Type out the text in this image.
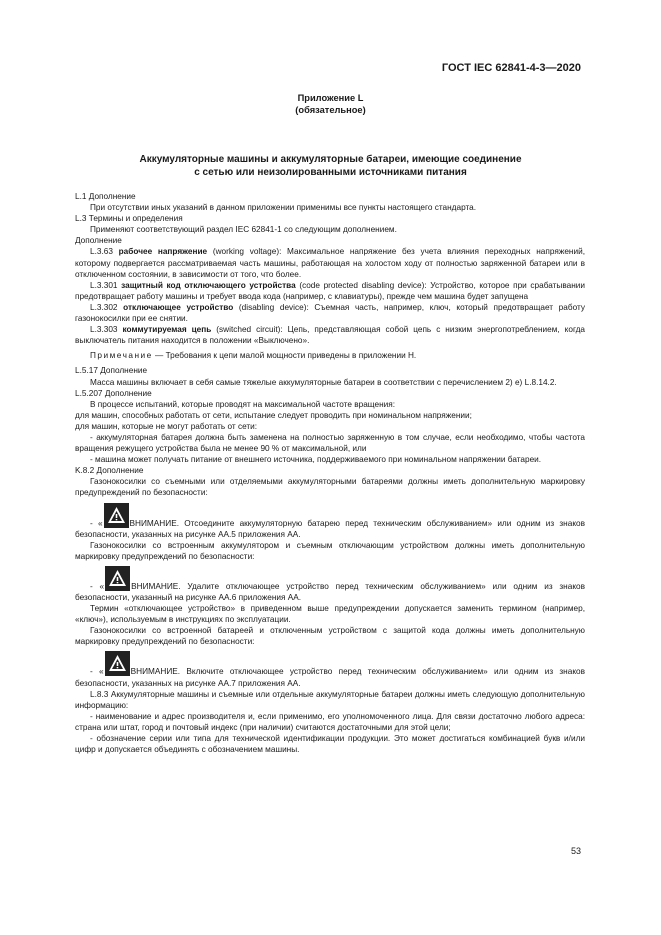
ГОСТ IEC 62841-4-3—2020
Приложение L
(обязательное)
Аккумуляторные машины и аккумуляторные батареи, имеющие соединение
с сетью или неизолированными источниками питания

L.1 Дополнение

При отсутствии иных указаний в данном приложении применимы все пункты настоящего стандарта.

L.3 Термины и определения

Применяют соответствующий раздел IEC 62841-1 со следующим дополнением.

Дополнение

L.3.63 рабочее напряжение (working voltage): Максимальное напряжение без учета влияния переходных напряжений, которому подвергается рассматриваемая часть машины, работающая на холостом ходу от полностью заряженной батареи или в отключенном состоянии, в зависимости от того, что более.

L.3.301 защитный код отключающего устройства (code protected disabling device): Устройство, которое при срабатывании предотвращает работу машины и требует ввода кода (например, с клавиатуры), прежде чем машина будет запущена

L.3.302 отключающее устройство (disabling device): Съемная часть, например, ключ, который предотвращает работу газонокосилки при ее снятии.

L.3.303 коммутируемая цепь (switched circuit): Цепь, представляющая собой цепь с низким энергопотреблением, когда выключатель питания находится в положении «Выключено».

Примечание — Требования к цепи малой мощности приведены в приложении H.

L.5.17 Дополнение

Масса машины включает в себя самые тяжелые аккумуляторные батареи в соответствии с перечислением 2) е) L.8.14.2.

L.5.207 Дополнение

В процессе испытаний, которые проводят на максимальной частоте вращения:

для машин, способных работать от сети, испытание следует проводить при номинальном напряжении;

для машин, которые не могут работать от сети:

- аккумуляторная батарея должна быть заменена на полностью заряженную в том случае, если необходимо, чтобы частота вращения режущего устройства была не менее 90 % от максимальной, или

- машина может получать питание от внешнего источника, поддерживаемого при номинальном напряжении батареи.

K.8.2 Дополнение

Газонокосилки со съемными или отделяемыми аккумуляторными батареями должны иметь дополнительную маркировку предупреждений по безопасности:

- «	ВНИМАНИЕ. Отсоедините аккумуляторную батарею перед техническим обслуживанием» или одним из знаков безопасности, указанных на рисунке AA.5 приложения AA.

Газонокосилки со встроенным аккумулятором и съемным отключающим устройством должны иметь дополнительную маркировку предупреждений по безопасности:

- «	ВНИМАНИЕ. Удалите отключающее устройство перед техническим обслуживанием» или одним из знаков безопасности, указанный на рисунке AA.6 приложения AA.

Термин «отключающее устройство» в приведенном выше предупреждении допускается заменить термином (например, «ключ»), используемым в инструкциях по эксплуатации.

Газонокосилки со встроенной батареей и отключенным устройством с защитой кода должны иметь дополнительную маркировку предупреждений по безопасности:

- «	ВНИМАНИЕ. Включите отключающее устройство перед техническим обслуживанием» или одним из знаков безопасности, указанных на рисунке AA.7 приложения AA.

L.8.3 Аккумуляторные машины и съемные или отдельные аккумуляторные батареи должны иметь следующую дополнительную информацию:

- наименование и адрес производителя и, если применимо, его уполномоченного лица. Для связи достаточно любого адреса: страна или штат, город и почтовый индекс (при наличии) считаются достаточными для этой цели;

- обозначение серии или типа для технической идентификации продукции. Это может достигаться комбинацией букв и/или цифр и допускается объединять с обозначением машины.

53
